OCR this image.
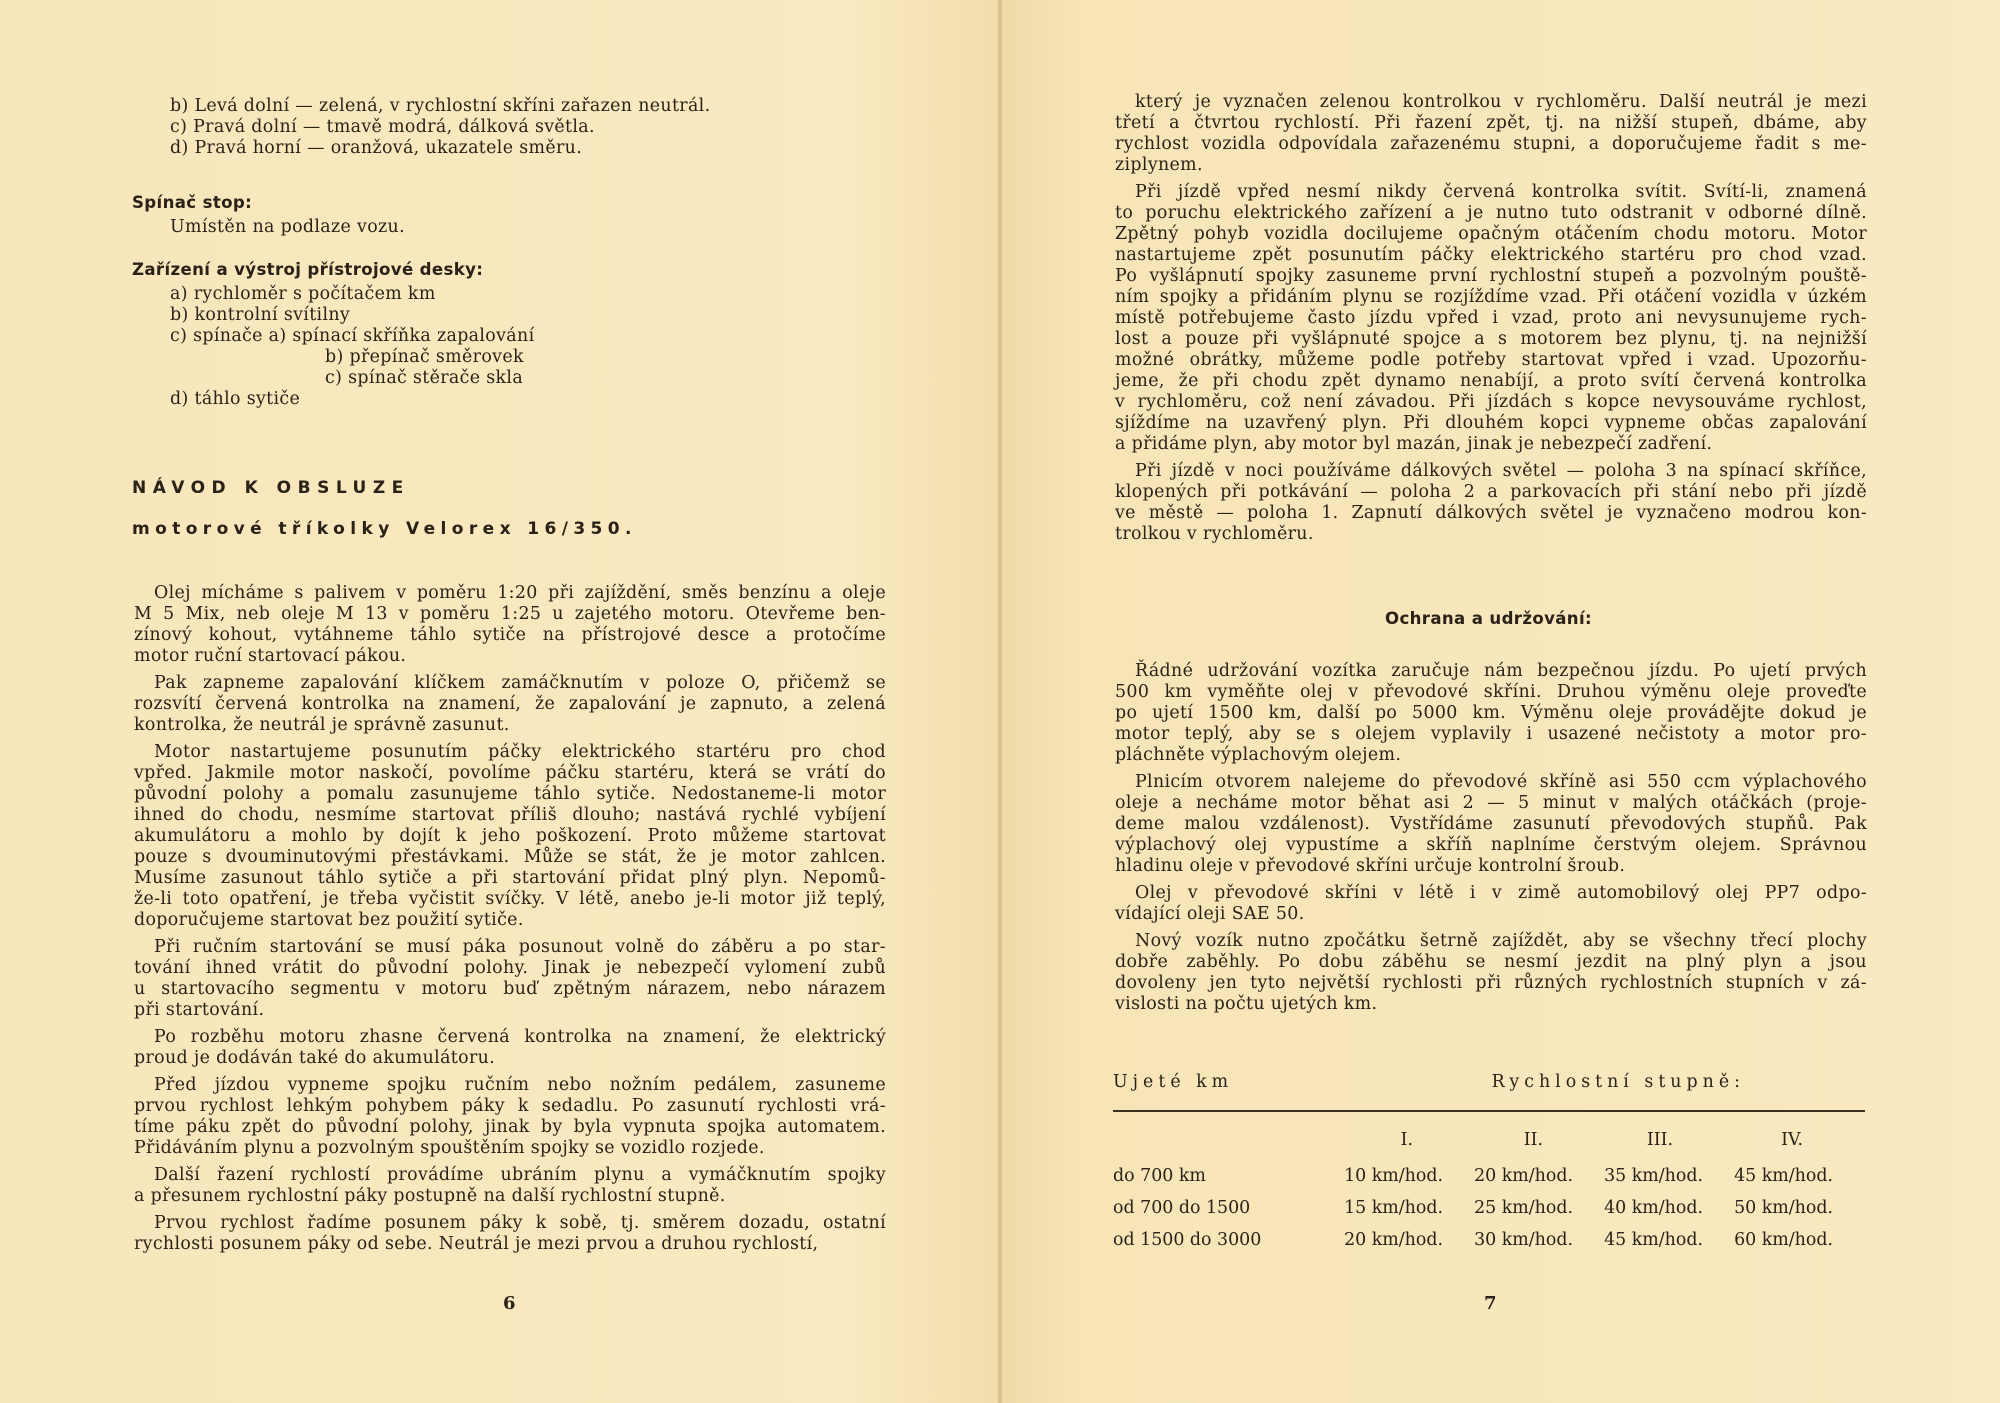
b) Levá dolní — zelená, v rychlostní skříni zařazen neutrál.
c) Pravá dolní — tmavě modrá, dálková světla.
d) Pravá horní — oranžová, ukazatele směru.
Spínač stop:
Umístěn na podlaze vozu.
Zařízení a výstroj přístrojové desky:
a) rychloměr s počítačem km
b) kontrolní svítilny
c) spínače a) spínací skříňka zapalování
b) přepínač směrovek
c) spínač stěrače skla
d) táhlo sytiče
NÁVOD K OBSLUZE
motorové tříkolky Velorex 16/350.
Olej mícháme s palivem v poměru 1:20 při zajíždění, směs benzínu a oleje
M 5 Mix, neb oleje M 13 v poměru 1:25 u zajetého motoru. Otevřeme ben-
zínový kohout, vytáhneme táhlo sytiče na přístrojové desce a protočíme
motor ruční startovací pákou.
Pak zapneme zapalování klíčkem zamáčknutím v poloze O, přičemž se
rozsvítí červená kontrolka na znamení, že zapalování je zapnuto, a zelená
kontrolka, že neutrál je správně zasunut.
Motor nastartujeme posunutím páčky elektrického startéru pro chod
vpřed. Jakmile motor naskočí, povolíme páčku startéru, která se vrátí do
původní polohy a pomalu zasunujeme táhlo sytiče. Nedostaneme-li motor
ihned do chodu, nesmíme startovat příliš dlouho; nastává rychlé vybíjení
akumulátoru a mohlo by dojít k jeho poškození. Proto můžeme startovat
pouze s dvouminutovými přestávkami. Může se stát, že je motor zahlcen.
Musíme zasunout táhlo sytiče a při startování přidat plný plyn. Nepomů-
že-li toto opatření, je třeba vyčistit svíčky. V létě, anebo je-li motor již teplý,
doporučujeme startovat bez použití sytiče.
Při ručním startování se musí páka posunout volně do záběru a po star-
tování ihned vrátit do původní polohy. Jinak je nebezpečí vylomení zubů
u startovacího segmentu v motoru buď zpětným nárazem, nebo nárazem
při startování.
Po rozběhu motoru zhasne červená kontrolka na znamení, že elektrický
proud je dodáván také do akumulátoru.
Před jízdou vypneme spojku ručním nebo nožním pedálem, zasuneme
prvou rychlost lehkým pohybem páky k sedadlu. Po zasunutí rychlosti vrá-
tíme páku zpět do původní polohy, jinak by byla vypnuta spojka automatem.
Přidáváním plynu a pozvolným spouštěním spojky se vozidlo rozjede.
Další řazení rychlostí provádíme ubráním plynu a vymáčknutím spojky
a přesunem rychlostní páky postupně na další rychlostní stupně.
Prvou rychlost řadíme posunem páky k sobě, tj. směrem dozadu, ostatní
rychlosti posunem páky od sebe. Neutrál je mezi prvou a druhou rychlostí,
6
který je vyznačen zelenou kontrolkou v rychloměru. Další neutrál je mezi
třetí a čtvrtou rychlostí. Při řazení zpět, tj. na nižší stupeň, dbáme, aby
rychlost vozidla odpovídala zařazenému stupni, a doporučujeme řadit s me-
ziplynem.
Při jízdě vpřed nesmí nikdy červená kontrolka svítit. Svítí-li, znamená
to poruchu elektrického zařízení a je nutno tuto odstranit v odborné dílně.
Zpětný pohyb vozidla docilujeme opačným otáčením chodu motoru. Motor
nastartujeme zpět posunutím páčky elektrického startéru pro chod vzad.
Po vyšlápnutí spojky zasuneme první rychlostní stupeň a pozvolným pouště-
ním spojky a přidáním plynu se rozjíždíme vzad. Při otáčení vozidla v úzkém
místě potřebujeme často jízdu vpřed i vzad, proto ani nevysunujeme rych-
lost a pouze při vyšlápnuté spojce a s motorem bez plynu, tj. na nejnižší
možné obrátky, můžeme podle potřeby startovat vpřed i vzad. Upozorňu-
jeme, že při chodu zpět dynamo nenabíjí, a proto svítí červená kontrolka
v rychloměru, což není závadou. Při jízdách s kopce nevysouváme rychlost,
sjíždíme na uzavřený plyn. Při dlouhém kopci vypneme občas zapalování
a přidáme plyn, aby motor byl mazán, jinak je nebezpečí zadření.
Při jízdě v noci používáme dálkových světel — poloha 3 na spínací skříňce,
klopených při potkávání — poloha 2 a parkovacích při stání nebo při jízdě
ve městě — poloha 1. Zapnutí dálkových světel je vyznačeno modrou kon-
trolkou v rychloměru.
Ochrana a udržování:
Řádné udržování vozítka zaručuje nám bezpečnou jízdu. Po ujetí prvých
500 km vyměňte olej v převodové skříni. Druhou výměnu oleje proveďte
po ujetí 1500 km, další po 5000 km. Výměnu oleje provádějte dokud je
motor teplý, aby se s olejem vyplavily i usazené nečistoty a motor pro-
pláchněte výplachovým olejem.
Plnicím otvorem nalejeme do převodové skříně asi 550 ccm výplachového
oleje a necháme motor běhat asi 2 — 5 minut v malých otáčkách (proje-
deme malou vzdálenost). Vystřídáme zasunutí převodových stupňů. Pak
výplachový olej vypustíme a skříň naplníme čerstvým olejem. Správnou
hladinu oleje v převodové skříni určuje kontrolní šroub.
Olej v převodové skříni v létě i v zimě automobilový olej PP7 odpo-
vídající oleji SAE 50.
Nový vozík nutno zpočátku šetrně zajíždět, aby se všechny třecí plochy
dobře zaběhly. Po dobu záběhu se nesmí jezdit na plný plyn a jsou
dovoleny jen tyto největší rychlosti při různých rychlostních stupních v zá-
vislosti na počtu ujetých km.
Ujeté km	Rychlostní stupně:
I.	II.	III.	IV.
do 700 km	10 km/hod.	20 km/hod.	35 km/hod.	45 km/hod.
od 700 do 1500	15 km/hod.	25 km/hod.	40 km/hod.	50 km/hod.
od 1500 do 3000	20 km/hod.	30 km/hod.	45 km/hod.	60 km/hod.
7
